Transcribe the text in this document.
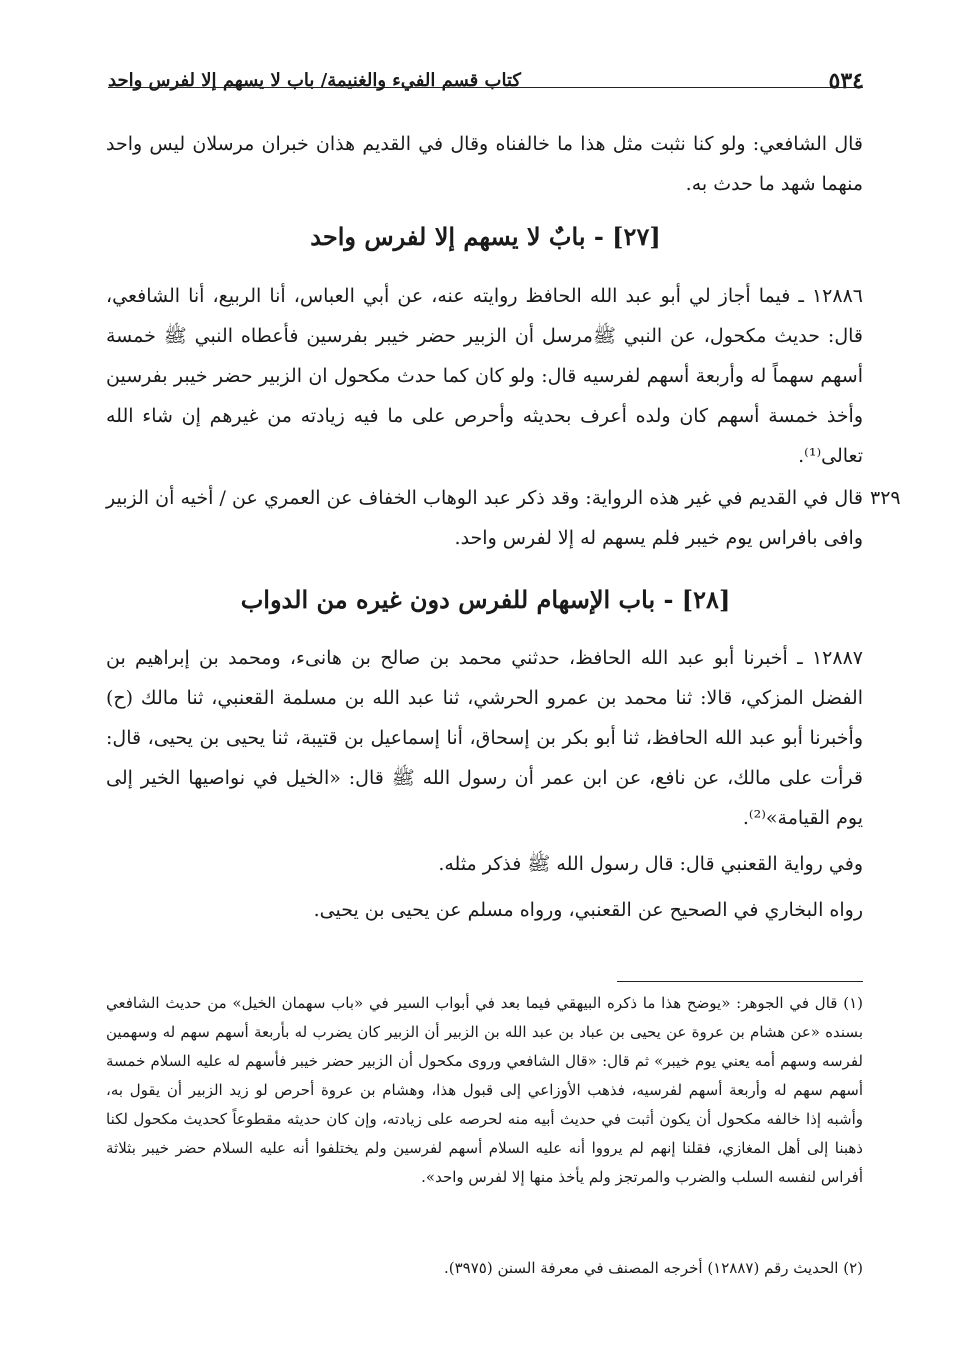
٥٣٤
كتاب قسم الفيء والغنيمة/ باب لا يسهم إلا لفرس واحد

قال الشافعي: ولو كنا نثبت مثل هذا ما خالفناه وقال في القديم هذان خبران مرسلان ليس واحد منهما شهد ما حدث به.

[٢٧] - بابٌ لا يسهم إلا لفرس واحد

١٢٨٨٦ ـ فيما أجاز لي أبو عبد الله الحافظ روايته عنه، عن أبي العباس، أنا الربيع، أنا الشافعي، قال: حديث مكحول، عن النبي ﷺمرسل أن الزبير حضر خيبر بفرسين فأعطاه النبي ﷺ خمسة أسهم سهماً له وأربعة أسهم لفرسيه قال: ولو كان كما حدث مكحول ان الزبير حضر خيبر بفرسين وأخذ خمسة أسهم كان ولده أعرف بحديثه وأحرص على ما فيه زيادته من غيرهم إن شاء الله تعالى⁽¹⁾.

٣٢٩

قال في القديم في غير هذه الرواية: وقد ذكر عبد الوهاب الخفاف عن العمري عن / أخيه أن الزبير وافى بافراس يوم خيبر فلم يسهم له إلا لفرس واحد.

[٢٨] - باب الإسهام للفرس دون غيره من الدواب

١٢٨٨٧ ـ أخبرنا أبو عبد الله الحافظ، حدثني محمد بن صالح بن هانىء، ومحمد بن إبراهيم بن الفضل المزكي، قالا: ثنا محمد بن عمرو الحرشي، ثنا عبد الله بن مسلمة القعنبي، ثنا مالك (ح) وأخبرنا أبو عبد الله الحافظ، ثنا أبو بكر بن إسحاق، أنا إسماعيل بن قتيبة، ثنا يحيى بن يحيى، قال: قرأت على مالك، عن نافع، عن ابن عمر أن رسول الله ﷺ قال: «الخيل في نواصيها الخير إلى يوم القيامة»⁽²⁾.

وفي رواية القعنبي قال: قال رسول الله ﷺ فذكر مثله.

رواه البخاري في الصحيح عن القعنبي، ورواه مسلم عن يحيى بن يحيى.

(١) قال في الجوهر: «يوضح هذا ما ذكره البيهقي فيما بعد في أبواب السير في «باب سهمان الخيل» من حديث الشافعي بسنده «عن هشام بن عروة عن يحيى بن عباد بن عبد الله بن الزبير أن الزبير كان يضرب له بأربعة أسهم سهم له وسهمين لفرسه وسهم أمه يعني يوم خيبر» ثم قال: «قال الشافعي وروى مكحول أن الزبير حضر خيبر فأسهم له عليه السلام خمسة أسهم سهم له وأربعة أسهم لفرسيه، فذهب الأوزاعي إلى قبول هذا، وهشام بن عروة أحرص لو زيد الزبير أن يقول به، وأشبه إذا خالفه مكحول أن يكون أثبت في حديث أبيه منه لحرصه على زيادته، وإن كان حديثه مقطوعاً كحديث مكحول لكنا ذهبنا إلى أهل المغازي، فقلنا إنهم لم يرووا أنه عليه السلام أسهم لفرسين ولم يختلفوا أنه عليه السلام حضر خيبر بثلاثة أفراس لنفسه السلب والضرب والمرتجز ولم يأخذ منها إلا لفرس واحد».

(٢) الحديث رقم (١٢٨٨٧) أخرجه المصنف في معرفة السنن (٣٩٧٥).
